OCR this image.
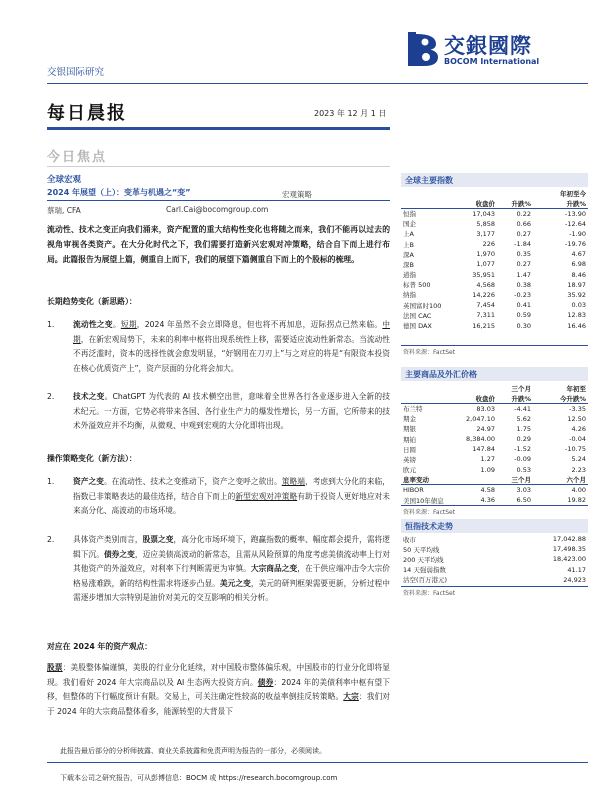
交银国际研究
交銀國際
BOCOM International
每日晨报	2023 年 12 月 1 日
今日焦点
全球宏观
2024 年展望（上）：变革与机遇之“变”	宏观策略
蔡瑞, CFA	Carl.Cai@bocomgroup.com
流动性、技术之变正向我们涌来，资产配置的重大结构性变化也将随之而来，我们不能再以过去的视角审视各类资产。在大分化时代之下，我们需要打造新兴宏观对冲策略，结合自下而上进行布局。此篇报告为展望上篇，侧重自上而下，我们的展望下篇侧重自下而上的个股标的梳理。
长期趋势变化（新思路）：
1. 流动性之变。短期，2024 年虽然不会立即降息，但也将不再加息，迈际拐点已然来临。中期，在新宏观局势下，未来的利率中枢将出现系统性上移，需要适应流动性新常态。当流动性不再泛滥时，资本的选择性就会愈发明显，“好钢用在刀刃上”与之对应的将是“有限资本投资在核心优质资产上”，资产层面的分化将会加大。
2. 技术之变。ChatGPT 为代表的 AI 技术横空出世，意味着全世界各行各业逐步进入全新的技术纪元。一方面，它势必将带来各国、各行业生产力的爆发性增长，另一方面，它所带来的技术外溢效应并不均衡，从微观、中观到宏观的大分化即将出现。
操作策略变化（新方法）：
1. 资产之变。在流动性、技术之变推动下，资产之变呼之欲出。策略端，考虑到大分化的来临，指数已非策略表达的最佳选择，结合自下而上的新型宏观对冲策略有助于投资人更好地应对未来高分化、高波动的市场环境。
2. 具体资产类别而言，股票之变，高分化市场环境下，跑赢指数的概率、幅度都会提升，需将逻辑下沉。债券之变，迈应美债高波动的新常态，且需从风险预算的角度考虑美债流动率上行对其他资产的外溢效应，对利率下行判断需更为审慎。大宗商品之变，在于供应端冲击令大宗价格易涨难跌，新的结构性需求将逐步凸显。美元之变，美元的研判框架需要更新，分析过程中需逐步增加大宗特别是油价对美元的交互影响的相关分析。
对应在 2024 年的资产观点：
股票：美股整体偏谨慎，美股的行业分化延续，对中国股市整体偏乐观，中国股市的行业分化即将显现。我们看好 2024 年大宗商品以及 AI 生态两大投资方向。债券：2024 年的美债利率中枢有望下移，但整体的下行幅度预计有限。交易上，可关注确定性较高的收益率倒挂反转策略。大宗：我们对于 2024 年的大宗商品整体看多，能源转型的大背景下
全球主要指数
			年初至今
	收盘价	升跌%	升跌%
恒指	17,043	0.22	-13.90
国企	5,858	0.66	-12.64
上A	3,177	0.27	-1.90
上B	226	-1.84	-19.76
深A	1,970	0.35	4.67
深B	1,077	0.27	6.98
道指	35,951	1.47	8.46
标普 500	4,568	0.38	18.97
纳指	14,226	-0.23	35.92
英国富时100	7,454	0.41	0.03
法国 CAC	7,311	0.59	12.83
德国 DAX	16,215	0.30	16.46
资料来源：FactSet
主要商品及外汇价格
		三个月	年初至
	收盘价	升跌%	今升跌%
布兰特	83.03	-4.41	-3.35
期金	2,047.10	5.62	12.50
期银	24.97	1.75	4.26
期铂	8,384.00	0.29	-0.04
日圆	147.84	-1.52	-10.75
英镑	1.27	-0.09	5.24
欧元	1.09	0.53	2.23
息率变动		三个月	六个月
HIBOR	4.58	3.03	4.00
美国10年债息	4.36	6.50	19.82
资料来源：FactSet
恒指技术走势
收市	17,042.88
50 天平均线	17,498.35
200 天平均线	18,423.00
14 天强弱指数	41.17
沽空(百万港元)	24,923
资料来源：FactSet
此报告最后部分的分析师披露、商业关系披露和免责声明为报告的一部分，必须阅读。
下载本公司之研究报告，可从彭博信息：BOCM 或 https://research.bocomgroup.com
